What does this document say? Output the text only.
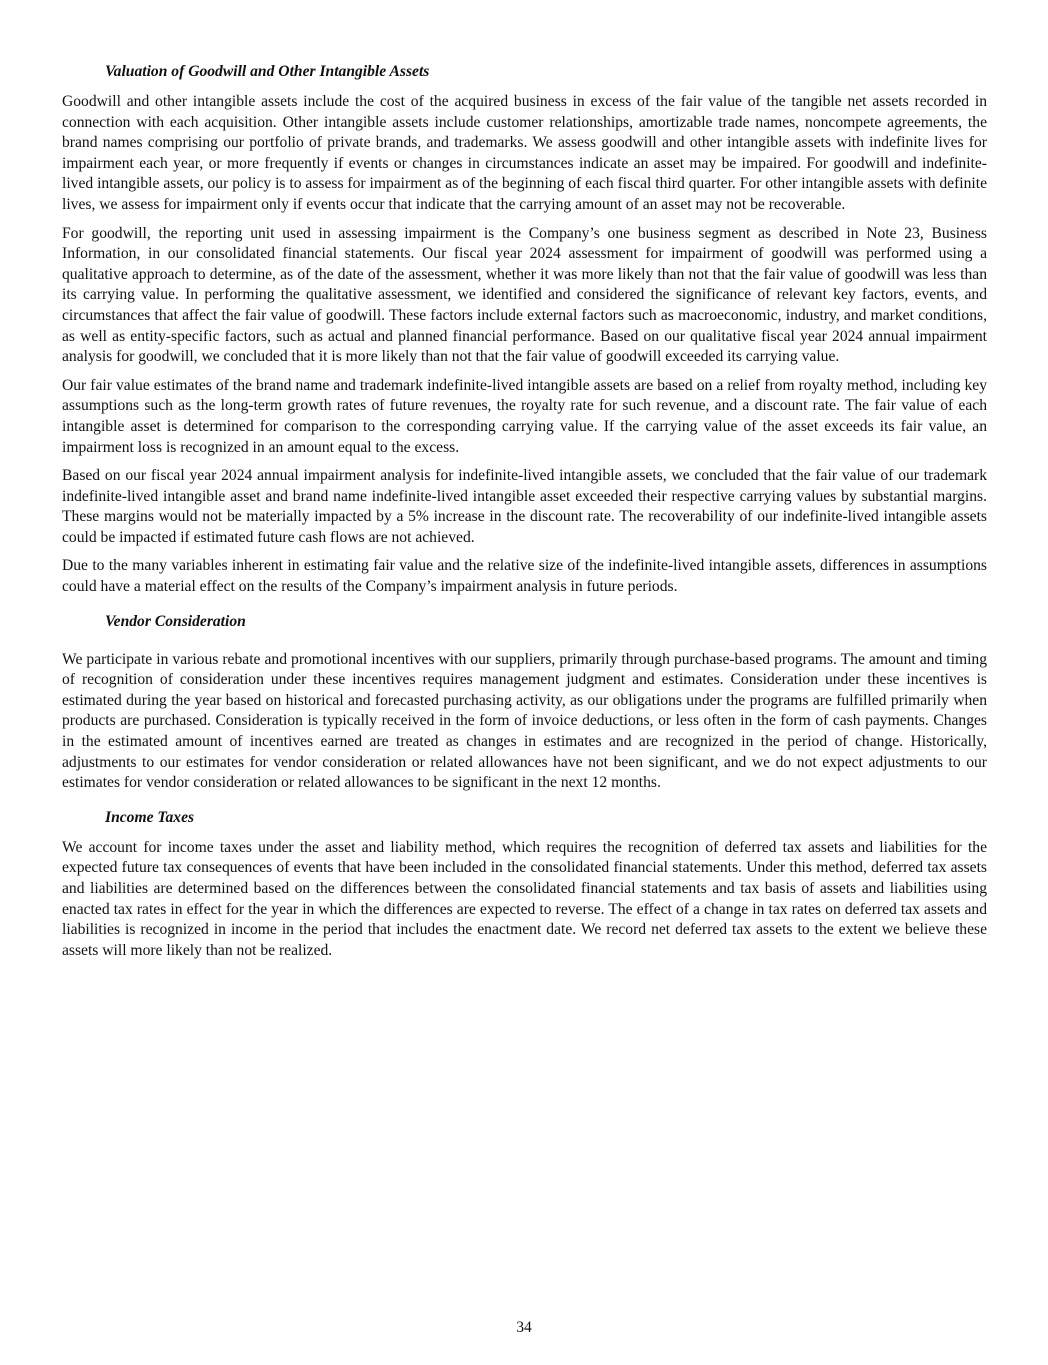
Valuation of Goodwill and Other Intangible Assets

Goodwill and other intangible assets include the cost of the acquired business in excess of the fair value of the tangible net assets recorded in connection with each acquisition. Other intangible assets include customer relationships, amortizable trade names, noncompete agreements, the brand names comprising our portfolio of private brands, and trademarks. We assess goodwill and other intangible assets with indefinite lives for impairment each year, or more frequently if events or changes in circumstances indicate an asset may be impaired. For goodwill and indefinite-lived intangible assets, our policy is to assess for impairment as of the beginning of each fiscal third quarter. For other intangible assets with definite lives, we assess for impairment only if events occur that indicate that the carrying amount of an asset may not be recoverable.

For goodwill, the reporting unit used in assessing impairment is the Company’s one business segment as described in Note 23, Business Information, in our consolidated financial statements. Our fiscal year 2024 assessment for impairment of goodwill was performed using a qualitative approach to determine, as of the date of the assessment, whether it was more likely than not that the fair value of goodwill was less than its carrying value. In performing the qualitative assessment, we identified and considered the significance of relevant key factors, events, and circumstances that affect the fair value of goodwill. These factors include external factors such as macroeconomic, industry, and market conditions, as well as entity-specific factors, such as actual and planned financial performance. Based on our qualitative fiscal year 2024 annual impairment analysis for goodwill, we concluded that it is more likely than not that the fair value of goodwill exceeded its carrying value.

Our fair value estimates of the brand name and trademark indefinite-lived intangible assets are based on a relief from royalty method, including key assumptions such as the long-term growth rates of future revenues, the royalty rate for such revenue, and a discount rate. The fair value of each intangible asset is determined for comparison to the corresponding carrying value. If the carrying value of the asset exceeds its fair value, an impairment loss is recognized in an amount equal to the excess.

Based on our fiscal year 2024 annual impairment analysis for indefinite-lived intangible assets, we concluded that the fair value of our trademark indefinite-lived intangible asset and brand name indefinite-lived intangible asset exceeded their respective carrying values by substantial margins. These margins would not be materially impacted by a 5% increase in the discount rate. The recoverability of our indefinite-lived intangible assets could be impacted if estimated future cash flows are not achieved.

Due to the many variables inherent in estimating fair value and the relative size of the indefinite-lived intangible assets, differences in assumptions could have a material effect on the results of the Company’s impairment analysis in future periods.

Vendor Consideration

We participate in various rebate and promotional incentives with our suppliers, primarily through purchase-based programs. The amount and timing of recognition of consideration under these incentives requires management judgment and estimates. Consideration under these incentives is estimated during the year based on historical and forecasted purchasing activity, as our obligations under the programs are fulfilled primarily when products are purchased. Consideration is typically received in the form of invoice deductions, or less often in the form of cash payments. Changes in the estimated amount of incentives earned are treated as changes in estimates and are recognized in the period of change. Historically, adjustments to our estimates for vendor consideration or related allowances have not been significant, and we do not expect adjustments to our estimates for vendor consideration or related allowances to be significant in the next 12 months.

Income Taxes

We account for income taxes under the asset and liability method, which requires the recognition of deferred tax assets and liabilities for the expected future tax consequences of events that have been included in the consolidated financial statements. Under this method, deferred tax assets and liabilities are determined based on the differences between the consolidated financial statements and tax basis of assets and liabilities using enacted tax rates in effect for the year in which the differences are expected to reverse. The effect of a change in tax rates on deferred tax assets and liabilities is recognized in income in the period that includes the enactment date. We record net deferred tax assets to the extent we believe these assets will more likely than not be realized.

34
